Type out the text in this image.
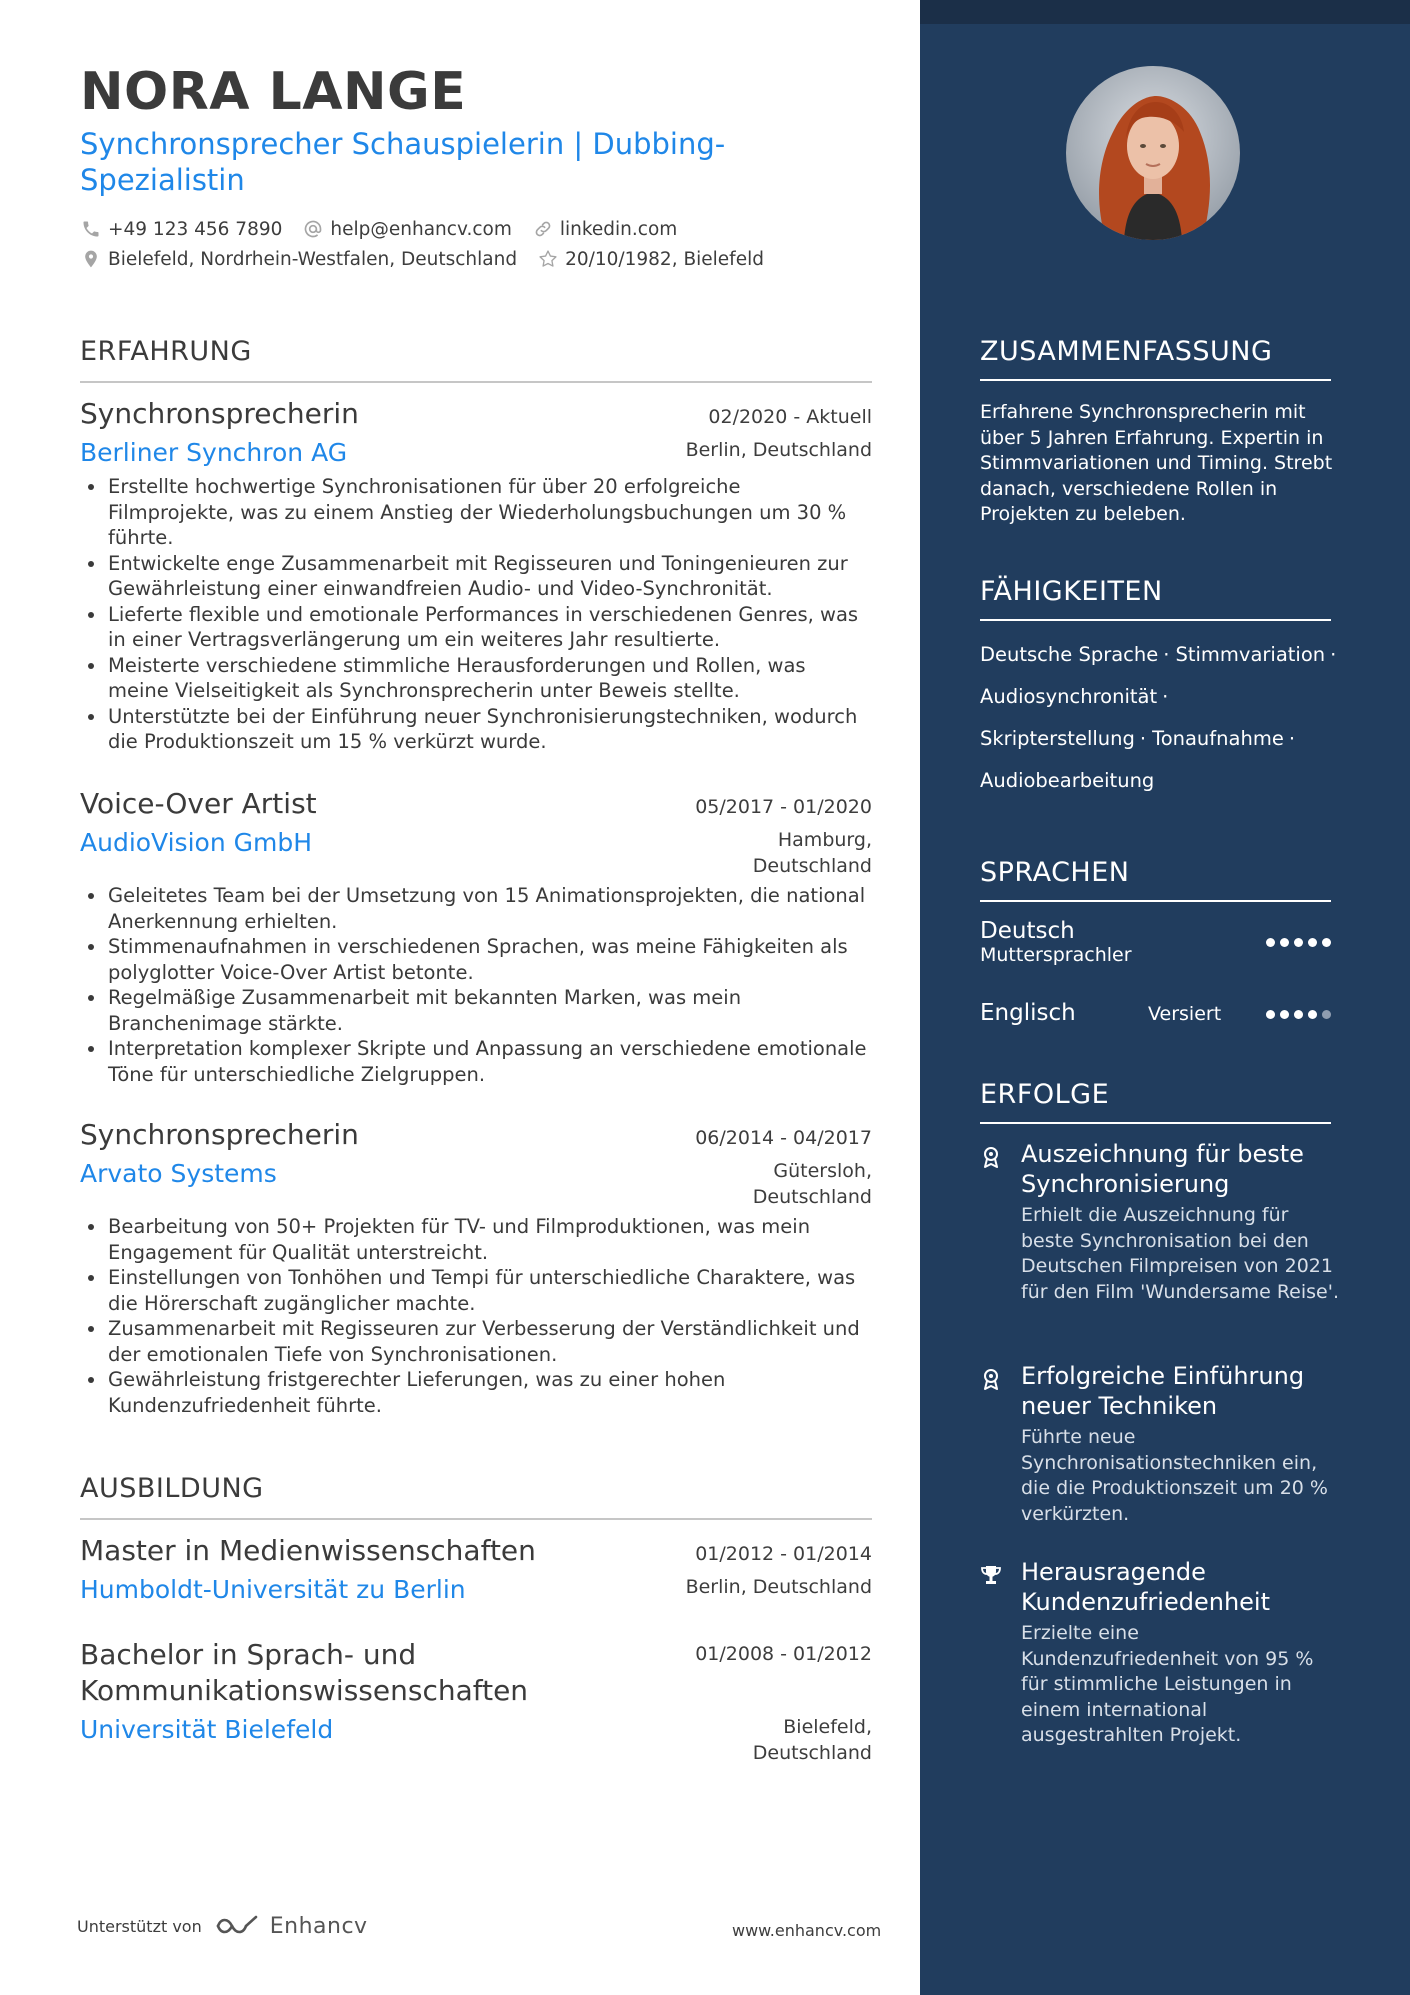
NORA LANGE
Synchronsprecher Schauspielerin | Dubbing-Spezialistin
+49 123 456 7890	help@enhancv.com	linkedin.com
Bielefeld, Nordrhein-Westfalen, Deutschland	20/10/1982, Bielefeld
ERFAHRUNG
Synchronsprecherin	02/2020 - Aktuell
Berliner Synchron AG	Berlin, Deutschland
Erstellte hochwertige Synchronisationen für über 20 erfolgreiche Filmprojekte, was zu einem Anstieg der Wiederholungsbuchungen um 30 % führte.
Entwickelte enge Zusammenarbeit mit Regisseuren und Toningenieuren zur Gewährleistung einer einwandfreien Audio- und Video-Synchronität.
Lieferte flexible und emotionale Performances in verschiedenen Genres, was in einer Vertragsverlängerung um ein weiteres Jahr resultierte.
Meisterte verschiedene stimmliche Herausforderungen und Rollen, was meine Vielseitigkeit als Synchronsprecherin unter Beweis stellte.
Unterstützte bei der Einführung neuer Synchronisierungstechniken, wodurch die Produktionszeit um 15 % verkürzt wurde.
Voice-Over Artist	05/2017 - 01/2020
AudioVision GmbH	Hamburg,
Deutschland
Geleitetes Team bei der Umsetzung von 15 Animationsprojekten, die national Anerkennung erhielten.
Stimmenaufnahmen in verschiedenen Sprachen, was meine Fähigkeiten als polyglotter Voice-Over Artist betonte.
Regelmäßige Zusammenarbeit mit bekannten Marken, was mein Branchenimage stärkte.
Interpretation komplexer Skripte und Anpassung an verschiedene emotionale Töne für unterschiedliche Zielgruppen.
Synchronsprecherin	06/2014 - 04/2017
Arvato Systems	Gütersloh,
Deutschland
Bearbeitung von 50+ Projekten für TV- und Filmproduktionen, was mein Engagement für Qualität unterstreicht.
Einstellungen von Tonhöhen und Tempi für unterschiedliche Charaktere, was die Hörerschaft zugänglicher machte.
Zusammenarbeit mit Regisseuren zur Verbesserung der Verständlichkeit und der emotionalen Tiefe von Synchronisationen.
Gewährleistung fristgerechter Lieferungen, was zu einer hohen Kundenzufriedenheit führte.
AUSBILDUNG
Master in Medienwissenschaften	01/2012 - 01/2014
Humboldt-Universität zu Berlin	Berlin, Deutschland
Bachelor in Sprach- und
Kommunikationswissenschaften
01/2008 - 01/2012
Universität Bielefeld	Bielefeld,
Deutschland
Unterstützt von	Enhancv	www.enhancv.com
ZUSAMMENFASSUNG
Erfahrene Synchronsprecherin mit über 5 Jahren Erfahrung. Expertin in Stimmvariationen und Timing. Strebt danach, verschiedene Rollen in Projekten zu beleben.
FÄHIGKEITEN
Deutsche Sprache · Stimmvariation ·
Audiosynchronität ·
Skripterstellung · Tonaufnahme ·
Audiobearbeitung
SPRACHEN
Deutsch
Muttersprachler
Englisch	Versiert
ERFOLGE
Auszeichnung für beste Synchronisierung
Erhielt die Auszeichnung für beste Synchronisation bei den Deutschen Filmpreisen von 2021 für den Film 'Wundersame Reise'.
Erfolgreiche Einführung neuer Techniken
Führte neue Synchronisationstechniken ein, die die Produktionszeit um 20 % verkürzten.
Herausragende Kundenzufriedenheit
Erzielte eine Kundenzufriedenheit von 95 % für stimmliche Leistungen in einem international ausgestrahlten Projekt.
